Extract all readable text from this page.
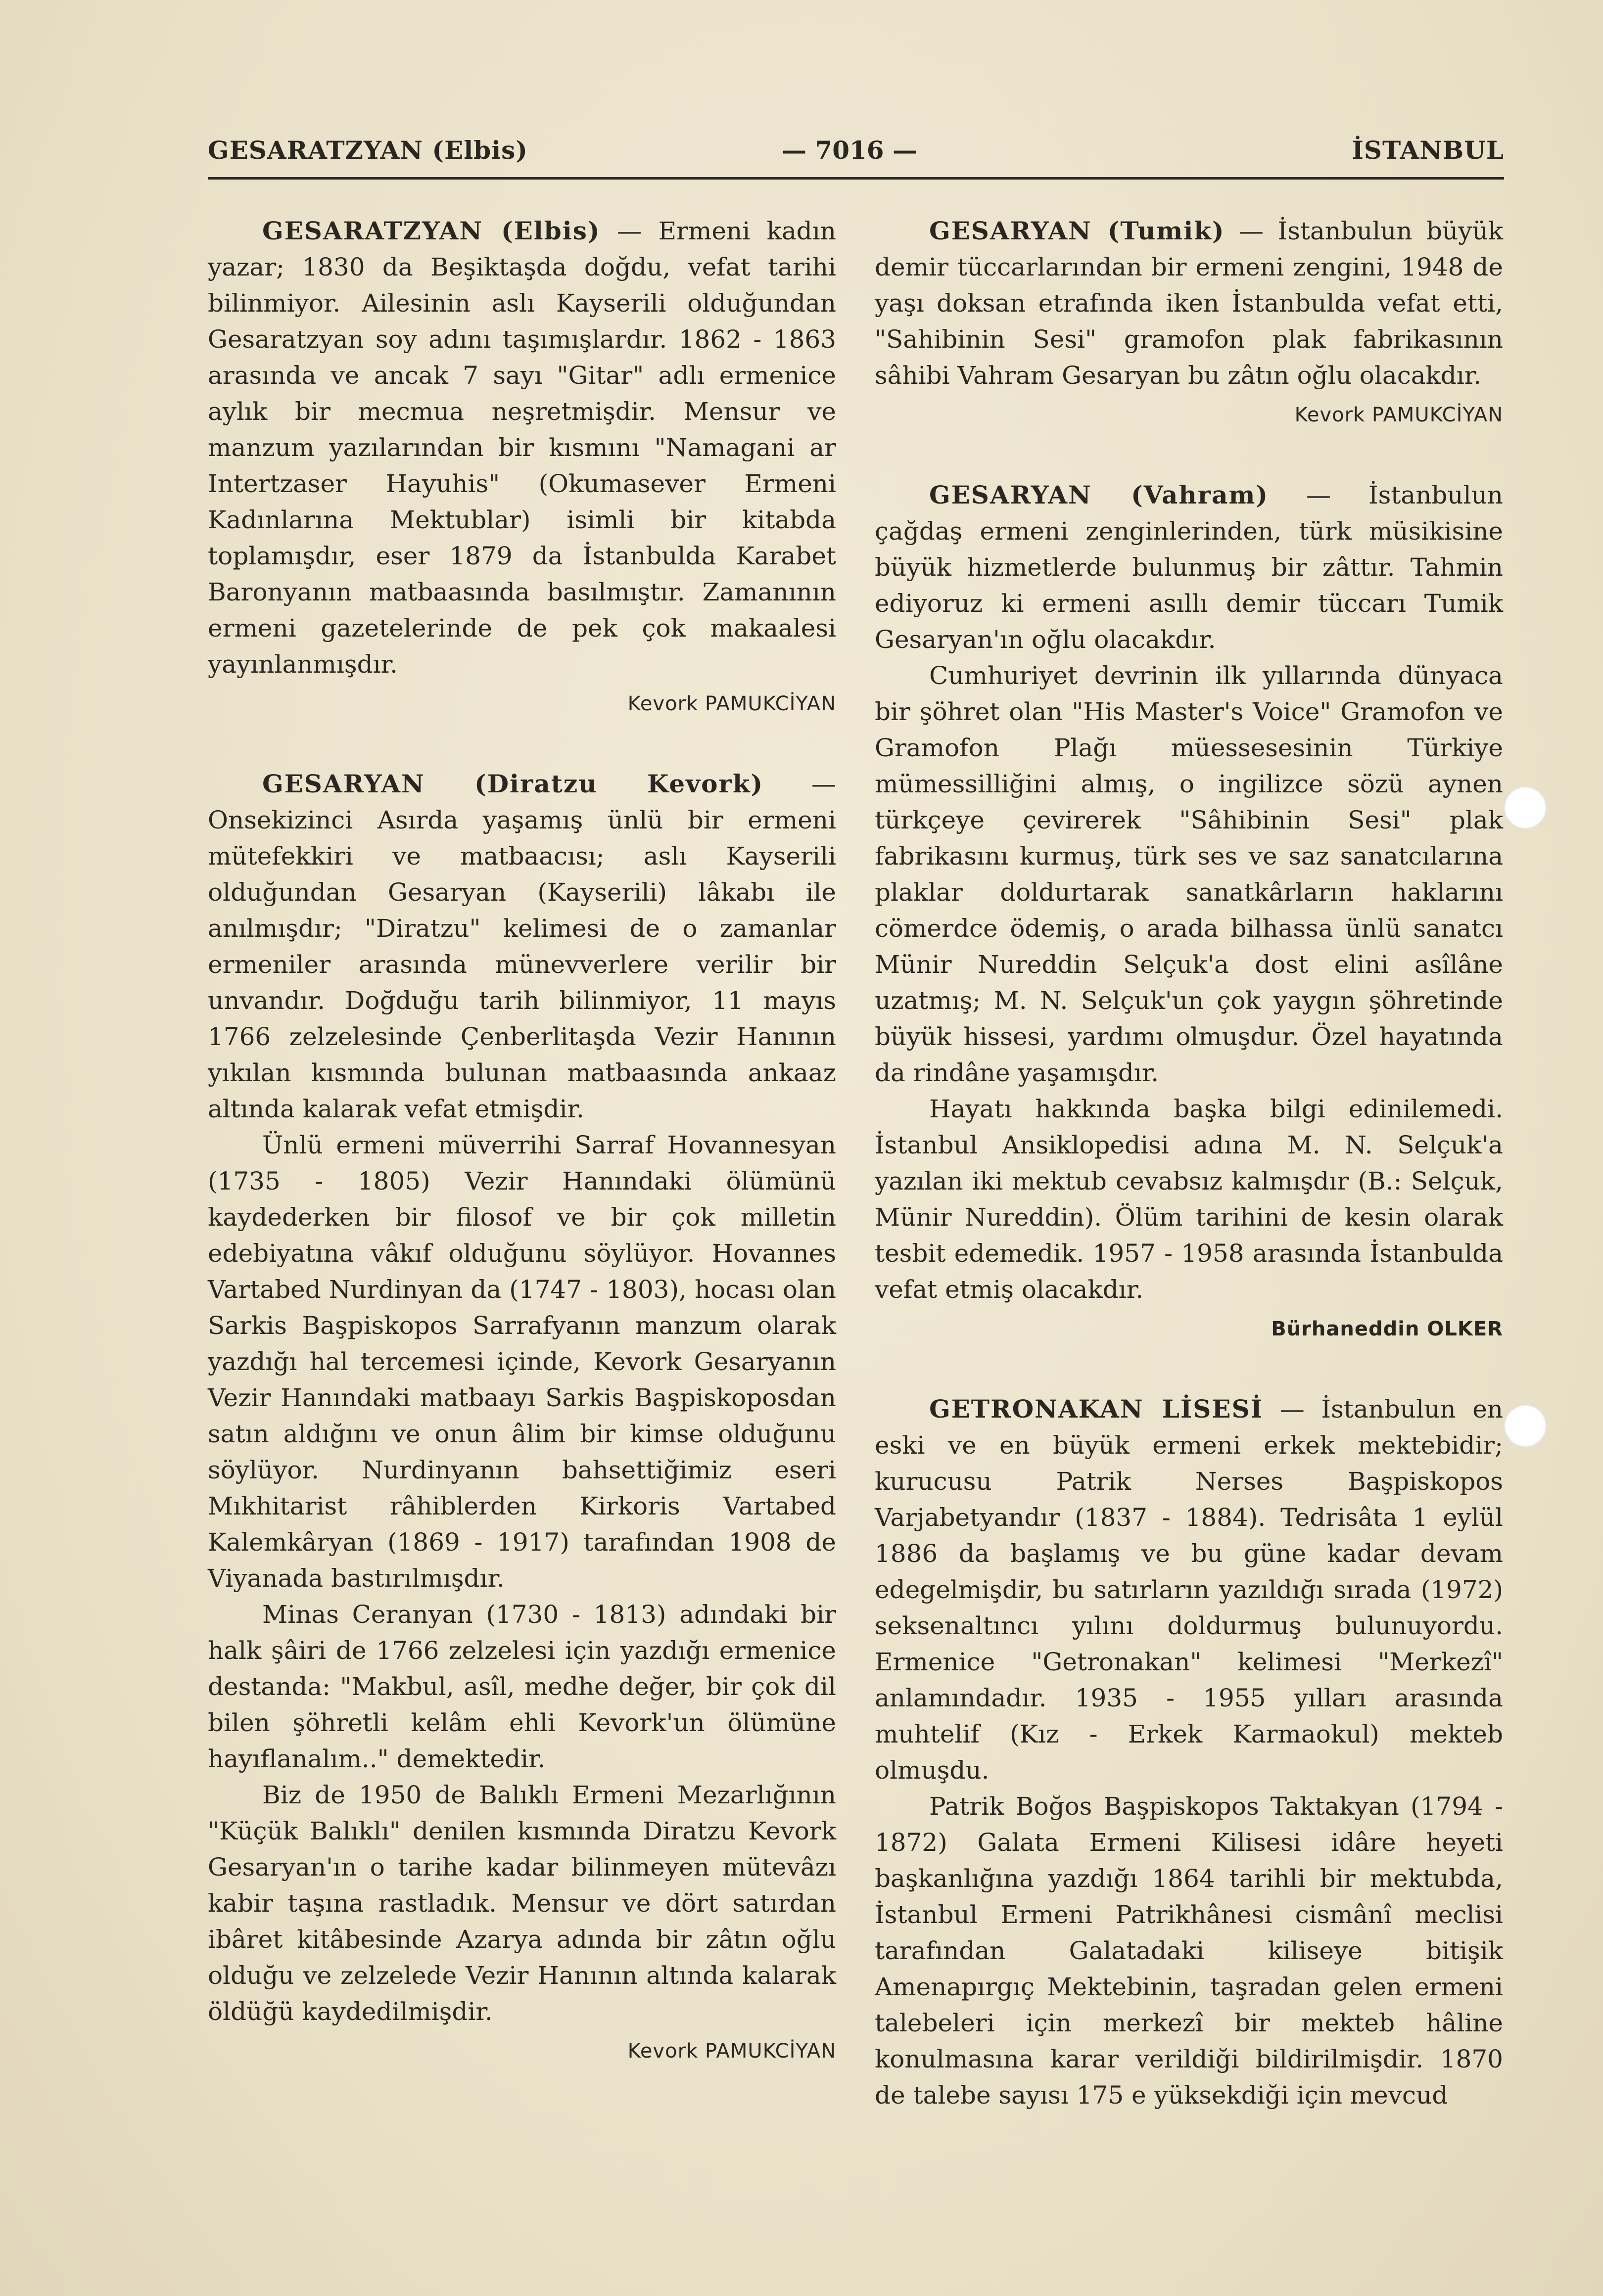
GESARATZYAN (Elbis)	— 7016 —	İSTANBUL

GESARATZYAN (Elbis) — Ermeni kadın yazar; 1830 da Beşiktaşda doğdu, vefat tarihi bilinmiyor. Ailesinin aslı Kayserili olduğundan Gesaratzyan soy adını taşımışlardır. 1862 - 1863 arasında ve ancak 7 sayı "Gitar" adlı ermenice aylık bir mecmua neşretmişdir. Mensur ve manzum yazılarından bir kısmını "Namagani ar Intertzaser Hayuhis" (Okumasever Ermeni Kadınlarına Mektublar) isimli bir kitabda toplamışdır, eser 1879 da İstanbulda Karabet Baronyanın matbaasında basılmıştır. Zamanının ermeni gazetelerinde de pek çok makaalesi yayınlanmışdır.

Kevork PAMUKCİYAN

GESARYAN (Diratzu Kevork) — Onsekizinci Asırda yaşamış ünlü bir ermeni mütefekkiri ve matbaacısı; aslı Kayserili olduğundan Gesaryan (Kayserili) lâkabı ile anılmışdır; "Diratzu" kelimesi de o zamanlar ermeniler arasında münevverlere verilir bir unvandır. Doğduğu tarih bilinmiyor, 11 mayıs 1766 zelzelesinde Çenberlitaşda Vezir Hanının yıkılan kısmında bulunan matbaasında ankaaz altında kalarak vefat etmişdir.

Ünlü ermeni müverrihi Sarraf Hovannesyan (1735 - 1805) Vezir Hanındaki ölümünü kaydederken bir filosof ve bir çok milletin edebiyatına vâkıf olduğunu söylüyor. Hovannes Vartabed Nurdinyan da (1747 - 1803), hocası olan Sarkis Başpiskopos Sarrafyanın manzum olarak yazdığı hal tercemesi içinde, Kevork Gesaryanın Vezir Hanındaki matbaayı Sarkis Başpiskoposdan satın aldığını ve onun âlim bir kimse olduğunu söylüyor. Nurdinyanın bahsettiğimiz eseri Mıkhitarist râhiblerden Kirkoris Vartabed Kalemkâryan (1869 - 1917) tarafından 1908 de Viyanada bastırılmışdır.

Minas Ceranyan (1730 - 1813) adındaki bir halk şâiri de 1766 zelzelesi için yazdığı ermenice destanda: "Makbul, asîl, medhe değer, bir çok dil bilen şöhretli kelâm ehli Kevork'un ölümüne hayıflanalım.." demektedir.

Biz de 1950 de Balıklı Ermeni Mezarlığının "Küçük Balıklı" denilen kısmında Diratzu Kevork Gesaryan'ın o tarihe kadar bilinmeyen mütevâzı kabir taşına rastladık. Mensur ve dört satırdan ibâret kitâbesinde Azarya adında bir zâtın oğlu olduğu ve zelzelede Vezir Hanının altında kalarak öldüğü kaydedilmişdir.

Kevork PAMUKCİYAN

GESARYAN (Tumik) — İstanbulun büyük demir tüccarlarından bir ermeni zengini, 1948 de yaşı doksan etrafında iken İstanbulda vefat etti, "Sahibinin Sesi" gramofon plak fabrikasının sâhibi Vahram Gesaryan bu zâtın oğlu olacakdır.

Kevork PAMUKCİYAN

GESARYAN (Vahram) — İstanbulun çağdaş ermeni zenginlerinden, türk müsikisine büyük hizmetlerde bulunmuş bir zâttır. Tahmin ediyoruz ki ermeni asıllı demir tüccarı Tumik Gesaryan'ın oğlu olacakdır.

Cumhuriyet devrinin ilk yıllarında dünyaca bir şöhret olan "His Master's Voice" Gramofon ve Gramofon Plağı müessesesinin Türkiye mümessilliğini almış, o ingilizce sözü aynen türkçeye çevirerek "Sâhibinin Sesi" plak fabrikasını kurmuş, türk ses ve saz sanatcılarına plaklar doldurtarak sanatkârların haklarını cömerdce ödemiş, o arada bilhassa ünlü sanatcı Münir Nureddin Selçuk'a dost elini asîlâne uzatmış; M. N. Selçuk'un çok yaygın şöhretinde büyük hissesi, yardımı olmuşdur. Özel hayatında da rindâne yaşamışdır.

Hayatı hakkında başka bilgi edinilemedi. İstanbul Ansiklopedisi adına M. N. Selçuk'a yazılan iki mektub cevabsız kalmışdır (B.: Selçuk, Münir Nureddin). Ölüm tarihini de kesin olarak tesbit edemedik. 1957 - 1958 arasında İstanbulda vefat etmiş olacakdır.

Bürhaneddin OLKER

GETRONAKAN LİSESİ — İstanbulun en eski ve en büyük ermeni erkek mektebidir; kurucusu Patrik Nerses Başpiskopos Varjabetyandır (1837 - 1884). Tedrisâta 1 eylül 1886 da başlamış ve bu güne kadar devam edegelmişdir, bu satırların yazıldığı sırada (1972) seksenaltıncı yılını doldurmuş bulunuyordu. Ermenice "Getronakan" kelimesi "Merkezî" anlamındadır. 1935 - 1955 yılları arasında muhtelif (Kız - Erkek Karmaokul) mekteb olmuşdu.

Patrik Boğos Başpiskopos Taktakyan (1794 - 1872) Galata Ermeni Kilisesi idâre heyeti başkanlığına yazdığı 1864 tarihli bir mektubda, İstanbul Ermeni Patrikhânesi cismânî meclisi tarafından Galatadaki kiliseye bitişik Amenapırgıç Mektebinin, taşradan gelen ermeni talebeleri için merkezî bir mekteb hâline konulmasına karar verildiği bildirilmişdir. 1870 de talebe sayısı 175 e yüksekdiği için mevcud
